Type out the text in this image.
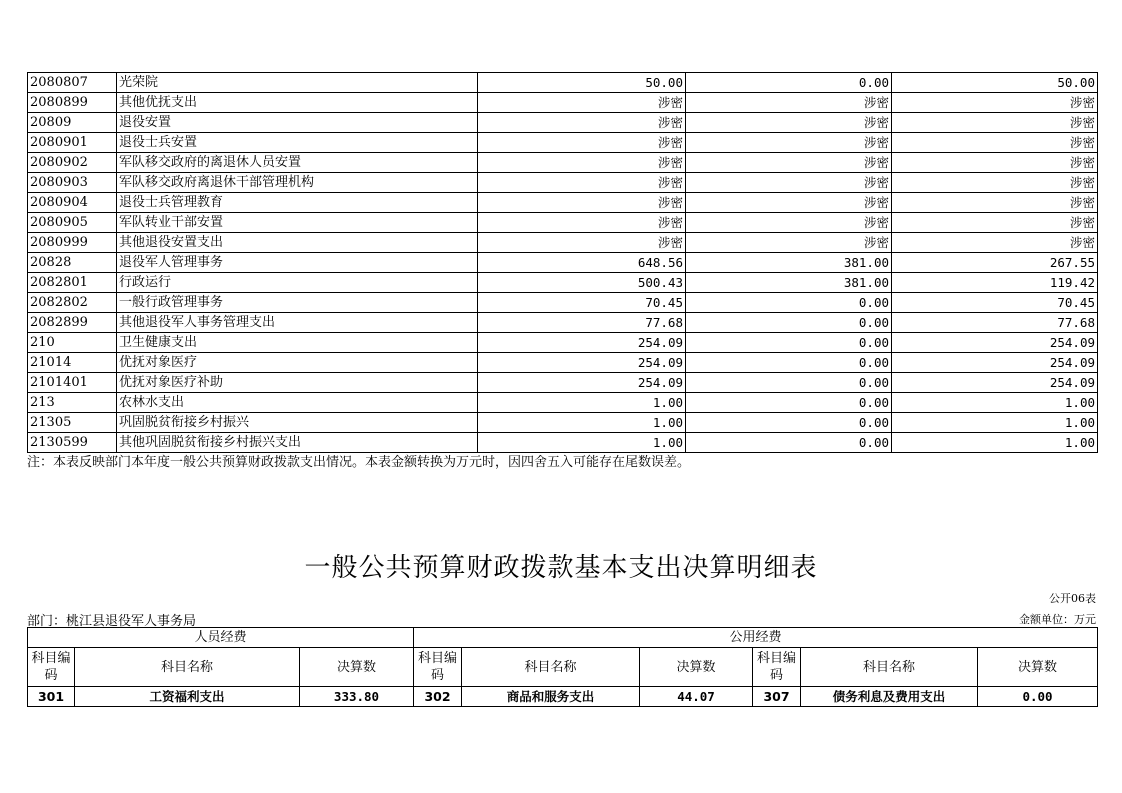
2080807	光荣院	50.00	0.00	50.00
2080899	其他优抚支出	涉密	涉密	涉密
20809	退役安置	涉密	涉密	涉密
2080901	退役士兵安置	涉密	涉密	涉密
2080902	军队移交政府的离退休人员安置	涉密	涉密	涉密
2080903	军队移交政府离退休干部管理机构	涉密	涉密	涉密
2080904	退役士兵管理教育	涉密	涉密	涉密
2080905	军队转业干部安置	涉密	涉密	涉密
2080999	其他退役安置支出	涉密	涉密	涉密
20828	退役军人管理事务	648.56	381.00	267.55
2082801	行政运行	500.43	381.00	119.42
2082802	一般行政管理事务	70.45	0.00	70.45
2082899	其他退役军人事务管理支出	77.68	0.00	77.68
210	卫生健康支出	254.09	0.00	254.09
21014	优抚对象医疗	254.09	0.00	254.09
2101401	优抚对象医疗补助	254.09	0.00	254.09
213	农林水支出	1.00	0.00	1.00
21305	巩固脱贫衔接乡村振兴	1.00	0.00	1.00
2130599	其他巩固脱贫衔接乡村振兴支出	1.00	0.00	1.00
注：本表反映部门本年度一般公共预算财政拨款支出情况。本表金额转换为万元时，因四舍五入可能存在尾数误差。
一般公共预算财政拨款基本支出决算明细表
公开06表
部门：桃江县退役军人事务局	金额单位：万元
人员经费			公用经费					
科目编码	科目名称	决算数	科目编码	科目名称	决算数	科目编码	科目名称	决算数
301	工资福利支出	333.80	302	商品和服务支出	44.07	307	债务利息及费用支出	0.00
